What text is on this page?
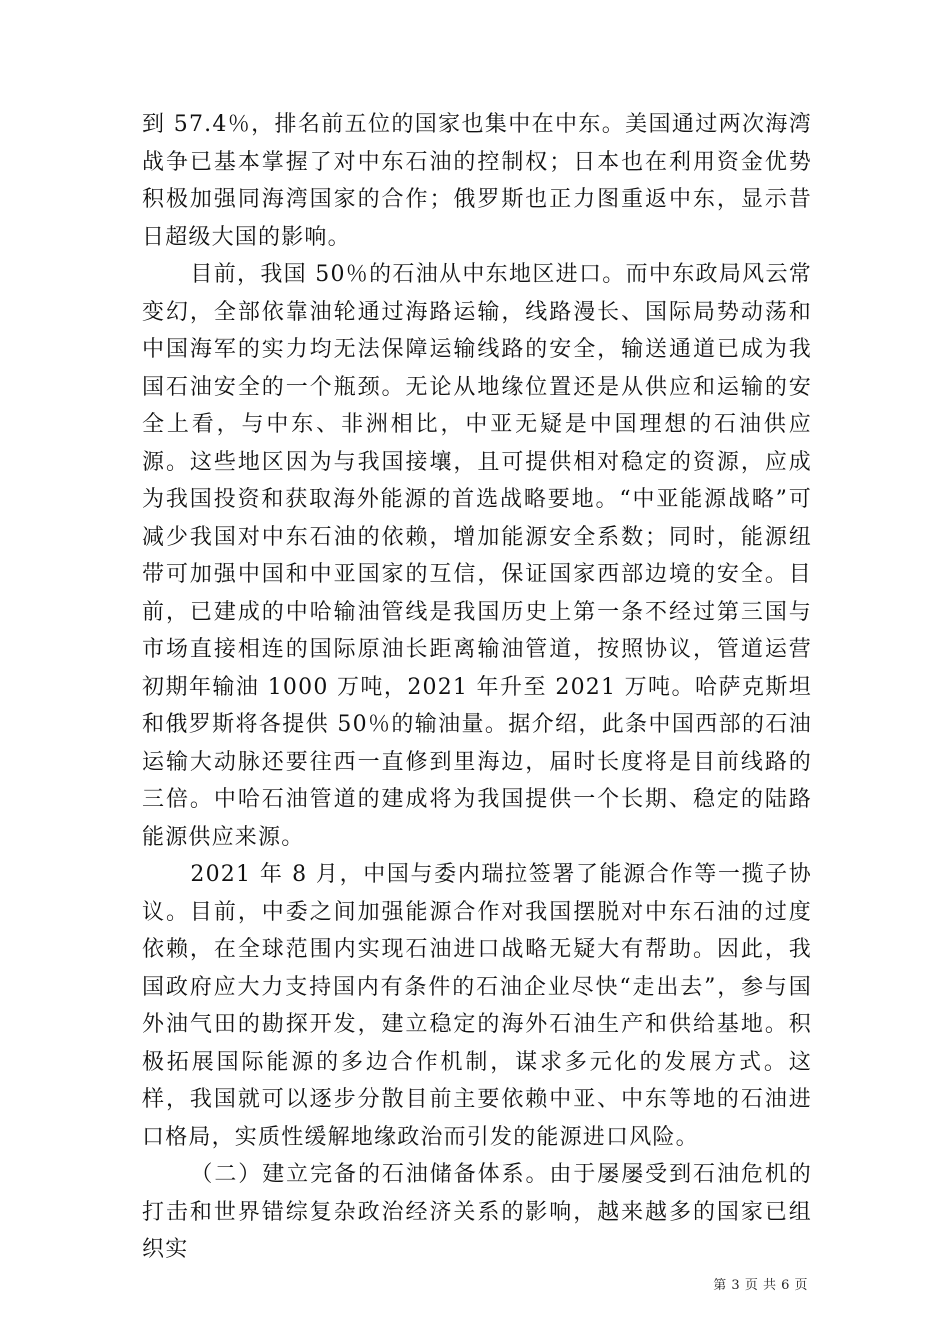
到 57.4％，排名前五位的国家也集中在中东。美国通过两次海湾战争已基本掌握了对中东石油的控制权；日本也在利用资金优势积极加强同海湾国家的合作；俄罗斯也正力图重返中东，显示昔日超级大国的影响。

目前，我国 50％的石油从中东地区进口。而中东政局风云常变幻，全部依靠油轮通过海路运输，线路漫长、国际局势动荡和中国海军的实力均无法保障运输线路的安全，输送通道已成为我国石油安全的一个瓶颈。无论从地缘位置还是从供应和运输的安全上看，与中东、非洲相比，中亚无疑是中国理想的石油供应源。这些地区因为与我国接壤，且可提供相对稳定的资源，应成为我国投资和获取海外能源的首选战略要地。“中亚能源战略”可减少我国对中东石油的依赖，增加能源安全系数；同时，能源纽带可加强中国和中亚国家的互信，保证国家西部边境的安全。目前，已建成的中哈输油管线是我国历史上第一条不经过第三国与市场直接相连的国际原油长距离输油管道，按照协议，管道运营初期年输油 1000 万吨，2021 年升至 2021 万吨。哈萨克斯坦和俄罗斯将各提供 50％的输油量。据介绍，此条中国西部的石油运输大动脉还要往西一直修到里海边，届时长度将是目前线路的三倍。中哈石油管道的建成将为我国提供一个长期、稳定的陆路能源供应来源。

2021 年 8 月，中国与委内瑞拉签署了能源合作等一揽子协议。目前，中委之间加强能源合作对我国摆脱对中东石油的过度依赖，在全球范围内实现石油进口战略无疑大有帮助。因此，我国政府应大力支持国内有条件的石油企业尽快“走出去”，参与国外油气田的勘探开发，建立稳定的海外石油生产和供给基地。积极拓展国际能源的多边合作机制，谋求多元化的发展方式。这样，我国就可以逐步分散目前主要依赖中亚、中东等地的石油进口格局，实质性缓解地缘政治而引发的能源进口风险。

（二）建立完备的石油储备体系。由于屡屡受到石油危机的打击和世界错综复杂政治经济关系的影响，越来越多的国家已组织实

第 3 页 共 6 页
